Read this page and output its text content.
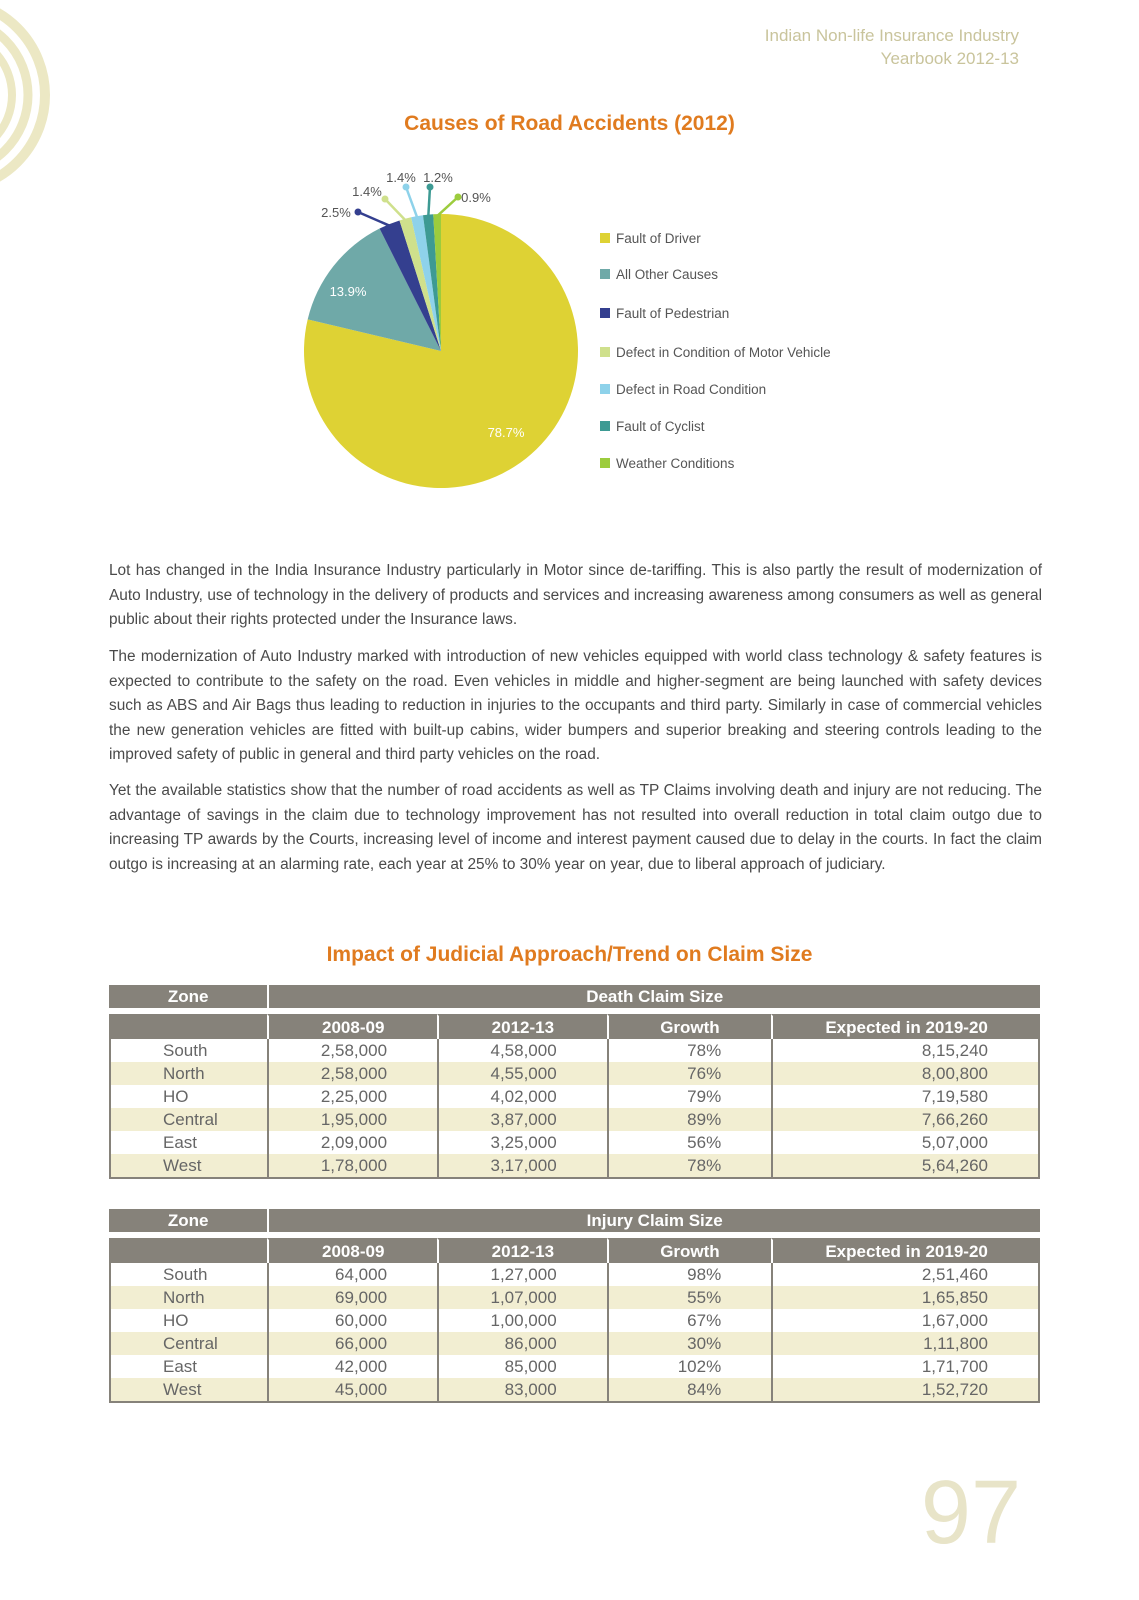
Indian Non-life Insurance Industry
Yearbook 2012-13
Causes of Road Accidents (2012)
78.7%
13.9%
2.5%
1.4%
1.4% 1.2%
0.9%
Fault of Driver
All Other Causes
Fault of Pedestrian
Defect in Condition of Motor Vehicle
Defect in Road Condition
Fault of Cyclist
Weather Conditions

Lot has changed in the India Insurance Industry particularly in Motor since de-tariffing. This is also partly the result of modernization of Auto Industry, use of technology in the delivery of products and services and increasing awareness among consumers as well as general public about their rights protected under the Insurance laws.

The modernization of Auto Industry marked with introduction of new vehicles equipped with world class technology & safety features is expected to contribute to the safety on the road. Even vehicles in middle and higher-segment are being launched with safety devices such as ABS and Air Bags thus leading to reduction in injuries to the occupants and third party. Similarly in case of commercial vehicles the new generation vehicles are fitted with built-up cabins, wider bumpers and superior breaking and steering controls leading to the improved safety of public in general and third party vehicles on the road.

Yet the available statistics show that the number of road accidents as well as TP Claims involving death and injury are not reducing. The advantage of savings in the claim due to technology improvement has not resulted into overall reduction in total claim outgo due to increasing TP awards by the Courts, increasing level of income and interest payment caused due to delay in the courts. In fact the claim outgo is increasing at an alarming rate, each year at 25% to 30% year on year, due to liberal approach of judiciary.

Impact of Judicial Approach/Trend on Claim Size
Zone	Death Claim Size			

	2008-09	2012-13	Growth	Expected in 2019-20
South	2,58,000	4,58,000	78%	8,15,240
North	2,58,000	4,55,000	76%	8,00,800
HO	2,25,000	4,02,000	79%	7,19,580
Central	1,95,000	3,87,000	89%	7,66,260
East	2,09,000	3,25,000	56%	5,07,000
West	1,78,000	3,17,000	78%	5,64,260
Zone	Injury Claim Size			

	2008-09	2012-13	Growth	Expected in 2019-20
South	64,000	1,27,000	98%	2,51,460
North	69,000	1,07,000	55%	1,65,850
HO	60,000	1,00,000	67%	1,67,000
Central	66,000	86,000	30%	1,11,800
East	42,000	85,000	102%	1,71,700
West	45,000	83,000	84%	1,52,720
97
